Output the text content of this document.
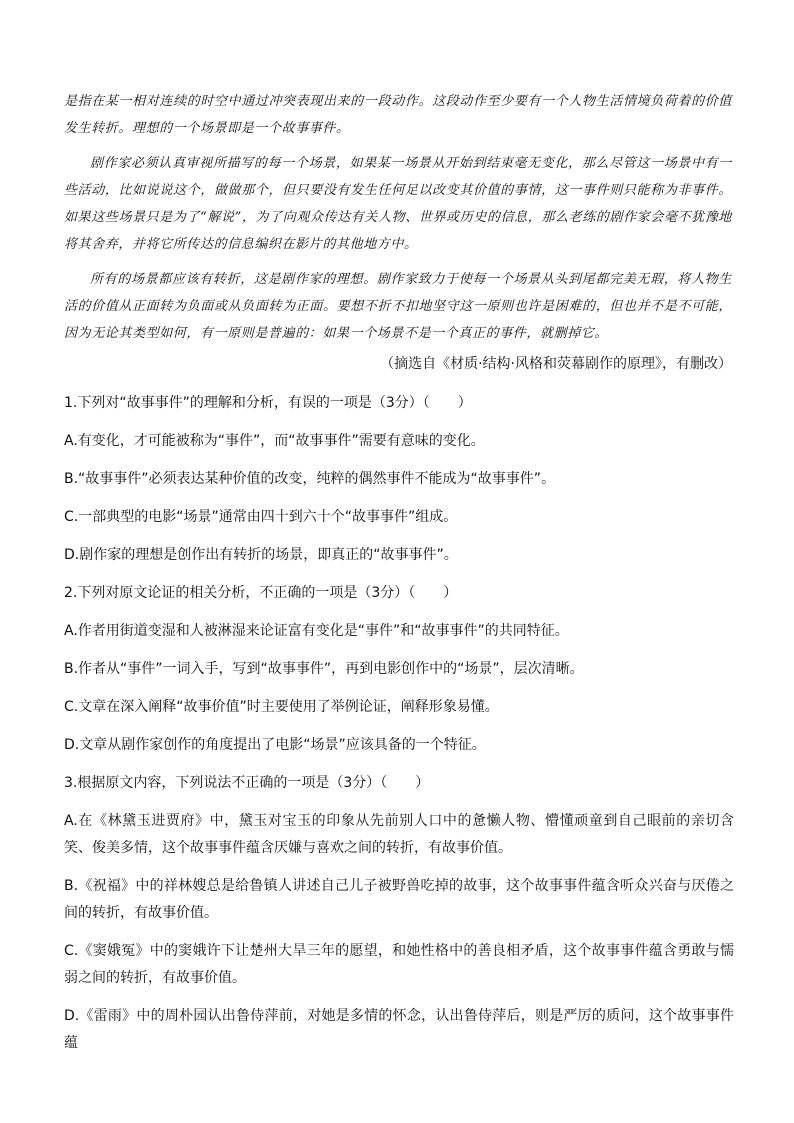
是指在某一相对连续的时空中通过冲突表现出来的一段动作。这段动作至少要有一个人物生活情境负荷着的价值发生转折。理想的一个场景即是一个故事事件。

剧作家必须认真审视所描写的每一个场景，如果某一场景从开始到结束毫无变化，那么尽管这一场景中有一些活动，比如说说这个，做做那个，但只要没有发生任何足以改变其价值的事情，这一事件则只能称为非事件。如果这些场景只是为了“解说”，为了向观众传达有关人物、世界或历史的信息，那么老练的剧作家会毫不犹豫地将其舍弃，并将它所传达的信息编织在影片的其他地方中。

所有的场景都应该有转折，这是剧作家的理想。剧作家致力于使每一个场景从头到尾都完美无瑕，将人物生活的价值从正面转为负面或从负面转为正面。要想不折不扣地坚守这一原则也许是困难的，但也并不是不可能，因为无论其类型如何，有一原则是普遍的：如果一个场景不是一个真正的事件，就删掉它。

（摘选自《材质·结构·风格和荧幕剧作的原理》，有删改）

1.下列对“故事事件”的理解和分析，有误的一项是（3分）（　　）

A.有变化，才可能被称为“事件”，而“故事事件”需要有意味的变化。

B.“故事事件”必须表达某种价值的改变，纯粹的偶然事件不能成为“故事事件”。

C.一部典型的电影“场景”通常由四十到六十个“故事事件”组成。

D.剧作家的理想是创作出有转折的场景，即真正的“故事事件”。

2.下列对原文论证的相关分析，不正确的一项是（3分）（　　）

A.作者用街道变湿和人被淋湿来论证富有变化是“事件”和“故事事件”的共同特征。

B.作者从“事件”一词入手，写到“故事事件”，再到电影创作中的“场景”，层次清晰。

C.文章在深入阐释“故事价值”时主要使用了举例论证，阐释形象易懂。

D.文章从剧作家创作的角度提出了电影“场景”应该具备的一个特征。

3.根据原文内容，下列说法不正确的一项是（3分）（　　）

A.在《林黛玉进贾府》中，黛玉对宝玉的印象从先前别人口中的惫懒人物、懵懂顽童到自己眼前的亲切含笑、俊美多情，这个故事事件蕴含厌嫌与喜欢之间的转折，有故事价值。

B.《祝福》中的祥林嫂总是给鲁镇人讲述自己儿子被野兽吃掉的故事，这个故事事件蕴含听众兴奋与厌倦之间的转折，有故事价值。

C.《窦娥冤》中的窦娥许下让楚州大旱三年的愿望，和她性格中的善良相矛盾，这个故事事件蕴含勇敢与懦弱之间的转折，有故事价值。

D.《雷雨》中的周朴园认出鲁侍萍前，对她是多情的怀念，认出鲁侍萍后，则是严厉的质问，这个故事事件蕴
